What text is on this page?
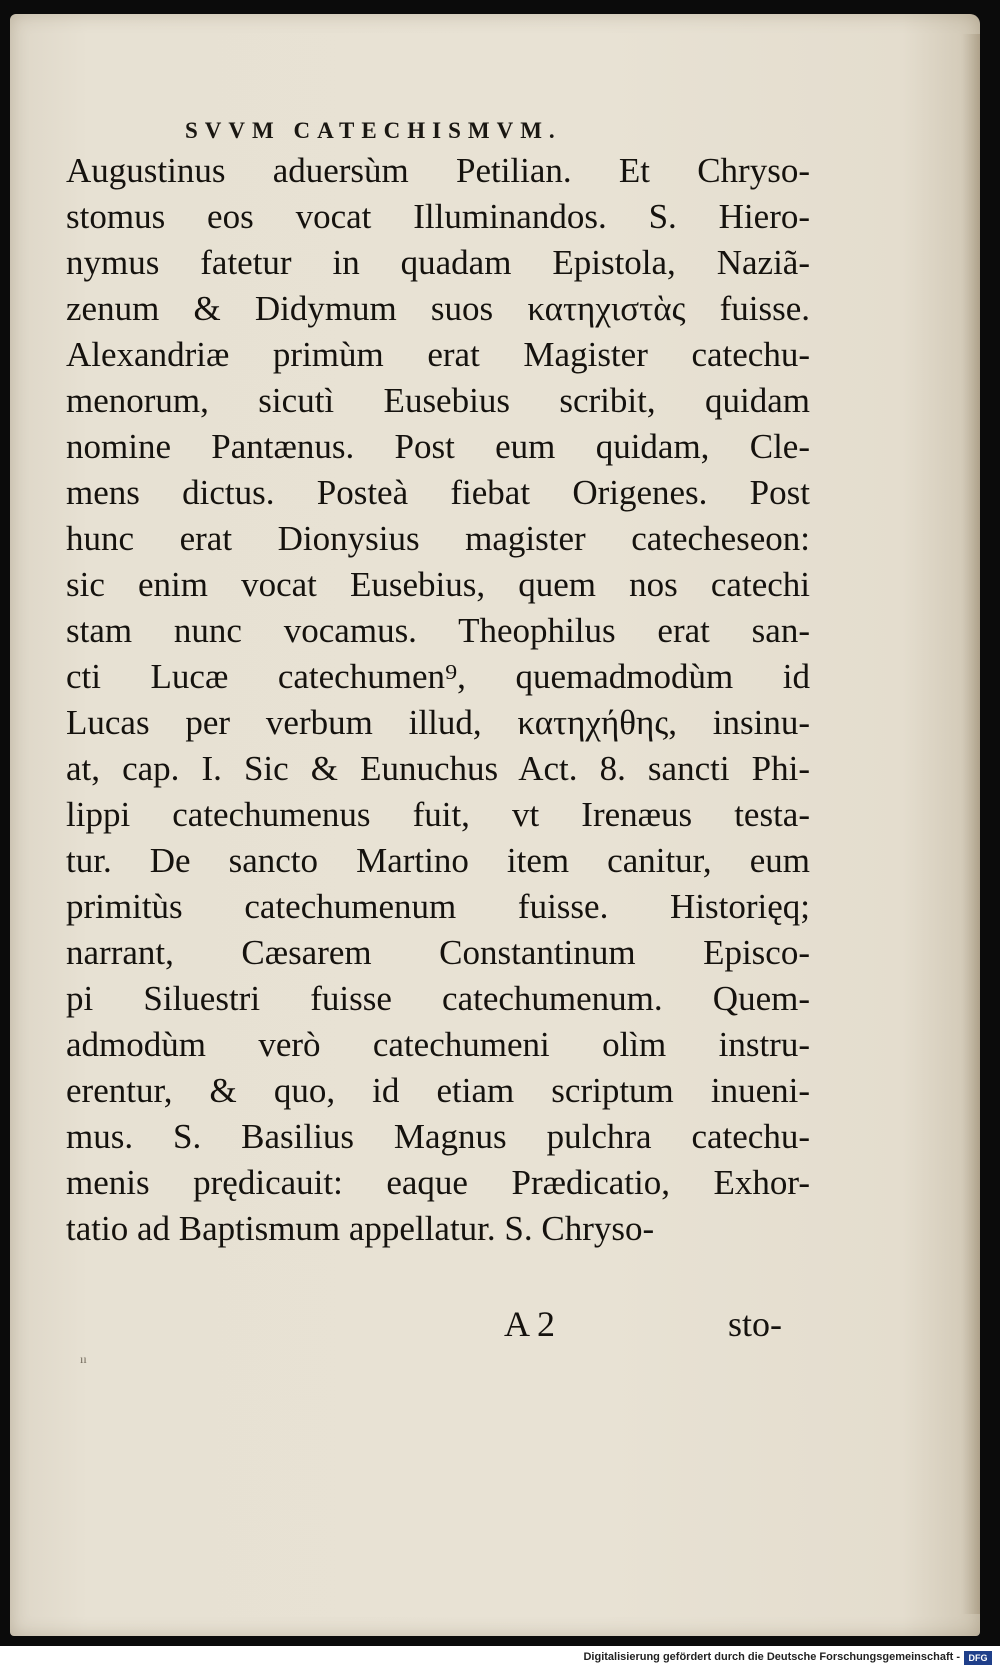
SVVM CATECHISMVM.
Augustinus aduersùm Petilian. Et Chryso-
stomus eos vocat Illuminandos. S. Hiero-
nymus fatetur in quadam Epistola, Naziã-
zenum & Didymum suos κατηχιστὰς fuisse.
Alexandriæ primùm erat Magister catechu-
menorum, sicutì Eusebius scribit, quidam
nomine Pantænus. Post eum quidam, Cle-
mens dictus. Posteà fiebat Origenes. Post
hunc erat Dionysius magister catecheseon:
sic enim vocat Eusebius, quem nos catechi
stam nunc vocamus. Theophilus erat san-
cti Lucæ catechumen⁹, quemadmodùm id
Lucas per verbum illud, κατηχήθης, insinu-
at, cap. I. Sic & Eunuchus Act. 8. sancti Phi-
lippi catechumenus fuit, vt Irenæus testa-
tur. De sancto Martino item canitur, eum
primitùs catechumenum fuisse. Historięq;
narrant, Cæsarem Constantinum Episco-
pi Siluestri fuisse catechumenum. Quem-
admodùm verò catechumeni olìm instru-
erentur, & quo, id etiam scriptum inueni-
mus. S. Basilius Magnus pulchra catechu-
menis prędicauit: eaque Prædicatio, Exhor-
tatio ad Baptismum appellatur. S. Chryso-
A 2	sto-
ıı
Digitalisierung gefördert durch die Deutsche Forschungsgemeinschaft - DFG
